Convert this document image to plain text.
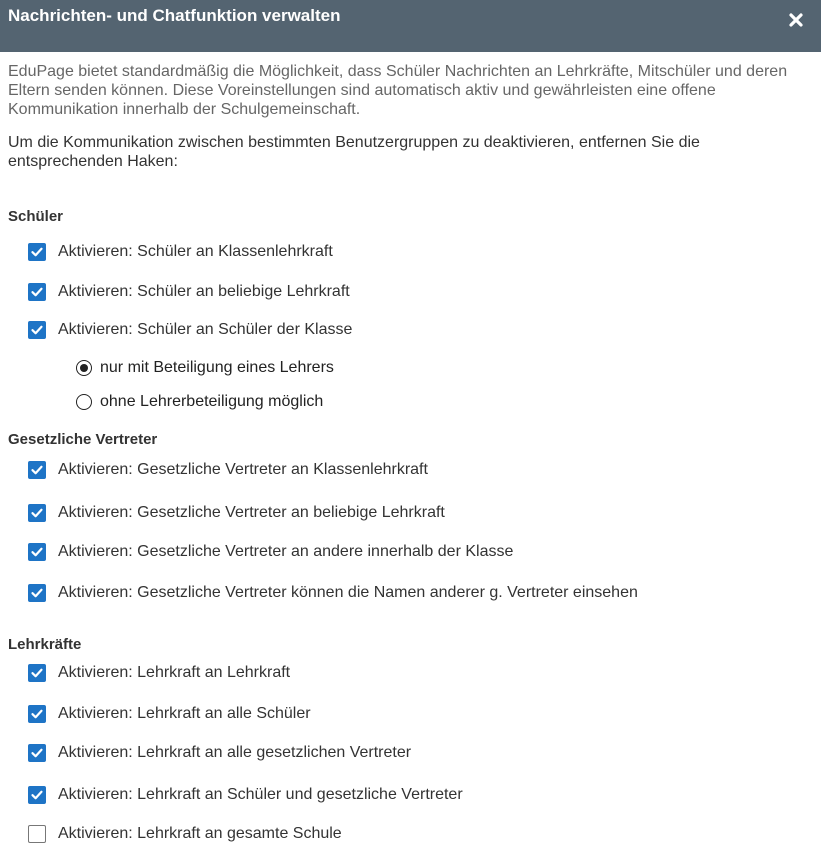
Nachrichten- und Chatfunktion verwalten

EduPage bietet standardmäßig die Möglichkeit, dass Schüler Nachrichten an Lehrkräfte, Mitschüler und deren Eltern senden können. Diese Voreinstellungen sind automatisch aktiv und gewährleisten eine offene Kommunikation innerhalb der Schulgemeinschaft.

Um die Kommunikation zwischen bestimmten Benutzergruppen zu deaktivieren, entfernen Sie die entsprechenden Haken:

Schüler
Aktivieren: Schüler an Klassenlehrkraft
Aktivieren: Schüler an beliebige Lehrkraft
Aktivieren: Schüler an Schüler der Klasse
nur mit Beteiligung eines Lehrers
ohne Lehrerbeteiligung möglich
Gesetzliche Vertreter
Aktivieren: Gesetzliche Vertreter an Klassenlehrkraft
Aktivieren: Gesetzliche Vertreter an beliebige Lehrkraft
Aktivieren: Gesetzliche Vertreter an andere innerhalb der Klasse
Aktivieren: Gesetzliche Vertreter können die Namen anderer g. Vertreter einsehen
Lehrkräfte
Aktivieren: Lehrkraft an Lehrkraft
Aktivieren: Lehrkraft an alle Schüler
Aktivieren: Lehrkraft an alle gesetzlichen Vertreter
Aktivieren: Lehrkraft an Schüler und gesetzliche Vertreter
Aktivieren: Lehrkraft an gesamte Schule
